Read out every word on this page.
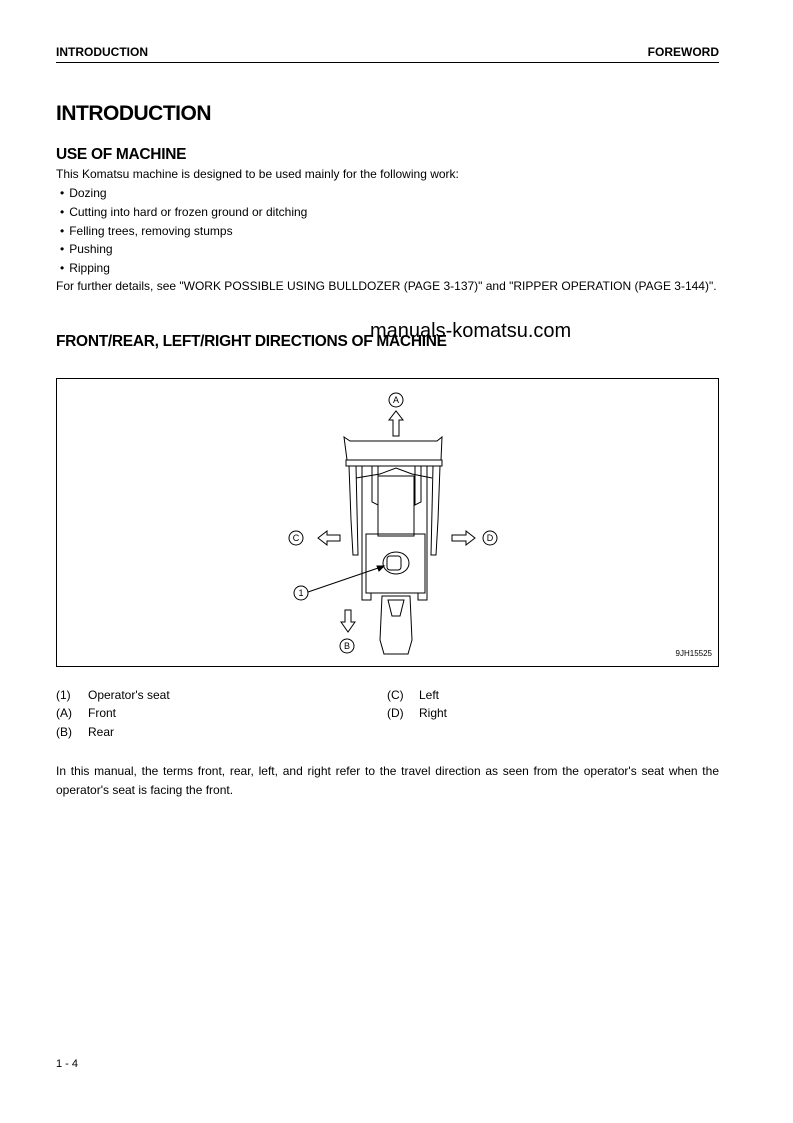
INTRODUCTION	FOREWORD
INTRODUCTION
USE OF MACHINE
This Komatsu machine is designed to be used mainly for the following work:
• Dozing
• Cutting into hard or frozen ground or ditching
• Felling trees, removing stumps
• Pushing
• Ripping
For further details, see "WORK POSSIBLE USING BULLDOZER (PAGE 3-137)" and "RIPPER OPERATION (PAGE 3-144)".
FRONT/REAR, LEFT/RIGHT DIRECTIONS OF MACHINE
manuals-komatsu.com
A
C	D
1
B
9JH15525
(1) Operator's seat
(A) Front
(B) Rear
(C) Left
(D) Right
In this manual, the terms front, rear, left, and right refer to the travel direction as seen from the operator's seat when the operator's seat is facing the front.
1 - 4
